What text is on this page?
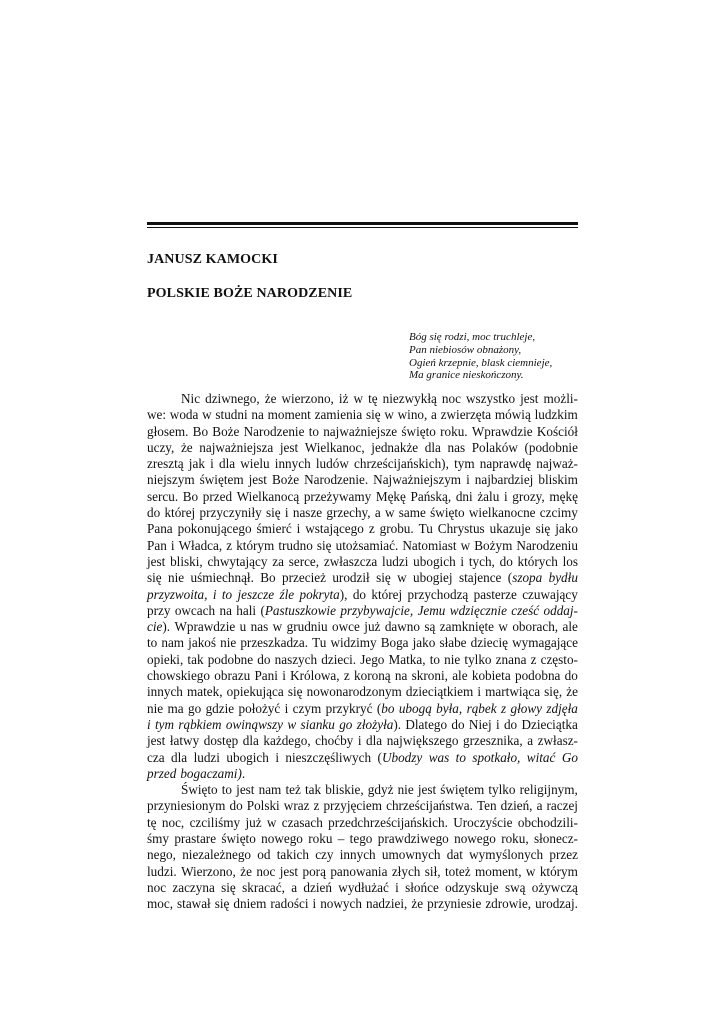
JANUSZ KAMOCKI
POLSKIE BOŻE NARODZENIE
Bóg się rodzi, moc truchleje,
Pan niebiosów obnażony,
Ogień krzepnie, blask ciemnieje,
Ma granice nieskończony.
Nic dziwnego, że wierzono, iż w tę niezwykłą noc wszystko jest możli-
we: woda w studni na moment zamienia się w wino, a zwierzęta mówią ludzkim
głosem. Bo Boże Narodzenie to najważniejsze święto roku. Wprawdzie Kościół
uczy, że najważniejsza jest Wielkanoc, jednakże dla nas Polaków (podobnie
zresztą jak i dla wielu innych ludów chrześcijańskich), tym naprawdę najważ-
niejszym świętem jest Boże Narodzenie. Najważniejszym i najbardziej bliskim
sercu. Bo przed Wielkanocą przeżywamy Mękę Pańską, dni żalu i grozy, mękę
do której przyczyniły się i nasze grzechy, a w same święto wielkanocne czcimy
Pana pokonującego śmierć i wstającego z grobu. Tu Chrystus ukazuje się jako
Pan i Władca, z którym trudno się utożsamiać. Natomiast w Bożym Narodzeniu
jest bliski, chwytający za serce, zwłaszcza ludzi ubogich i tych, do których los
się nie uśmiechnął. Bo przecież urodził się w ubogiej stajence (szopa bydłu
przyzwoita, i to jeszcze źle pokryta), do której przychodzą pasterze czuwający
przy owcach na hali (Pastuszkowie przybywajcie, Jemu wdzięcznie cześć oddaj-
cie). Wprawdzie u nas w grudniu owce już dawno są zamknięte w oborach, ale
to nam jakoś nie przeszkadza. Tu widzimy Boga jako słabe dziecię wymagające
opieki, tak podobne do naszych dzieci. Jego Matka, to nie tylko znana z często-
chowskiego obrazu Pani i Królowa, z koroną na skroni, ale kobieta podobna do
innych matek, opiekująca się nowonarodzonym dzieciątkiem i martwiąca się, że
nie ma go gdzie położyć i czym przykryć (bo ubogą była, rąbek z głowy zdjęła
i tym rąbkiem owinąwszy w sianku go złożyła). Dlatego do Niej i do Dzieciątka
jest łatwy dostęp dla każdego, choćby i dla największego grzesznika, a zwłasz-
cza dla ludzi ubogich i nieszczęśliwych (Ubodzy was to spotkało, witać Go
przed bogaczami).
Święto to jest nam też tak bliskie, gdyż nie jest świętem tylko religijnym,
przyniesionym do Polski wraz z przyjęciem chrześcijaństwa. Ten dzień, a raczej
tę noc, czciliśmy już w czasach przedchrześcijańskich. Uroczyście obchodzili-
śmy prastare święto nowego roku – tego prawdziwego nowego roku, słonecz-
nego, niezależnego od takich czy innych umownych dat wymyślonych przez
ludzi. Wierzono, że noc jest porą panowania złych sił, toteż moment, w którym
noc zaczyna się skracać, a dzień wydłużać i słońce odzyskuje swą ożywczą
moc, stawał się dniem radości i nowych nadziei, że przyniesie zdrowie, urodzaj.
